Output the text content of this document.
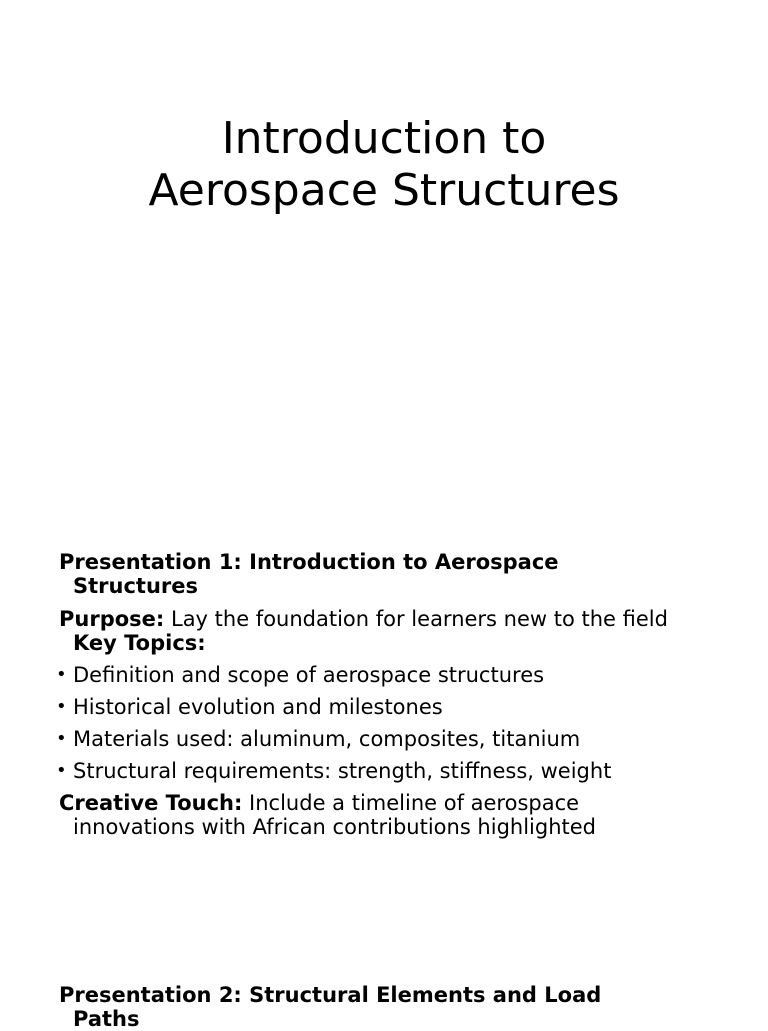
Introduction to
Aerospace Structures
Presentation 1: Introduction to Aerospace
Structures
Purpose: Lay the foundation for learners new to the field
Key Topics:
• Definition and scope of aerospace structures
• Historical evolution and milestones
• Materials used: aluminum, composites, titanium
• Structural requirements: strength, stiffness, weight
Creative Touch: Include a timeline of aerospace
innovations with African contributions highlighted
Presentation 2: Structural Elements and Load
Paths
